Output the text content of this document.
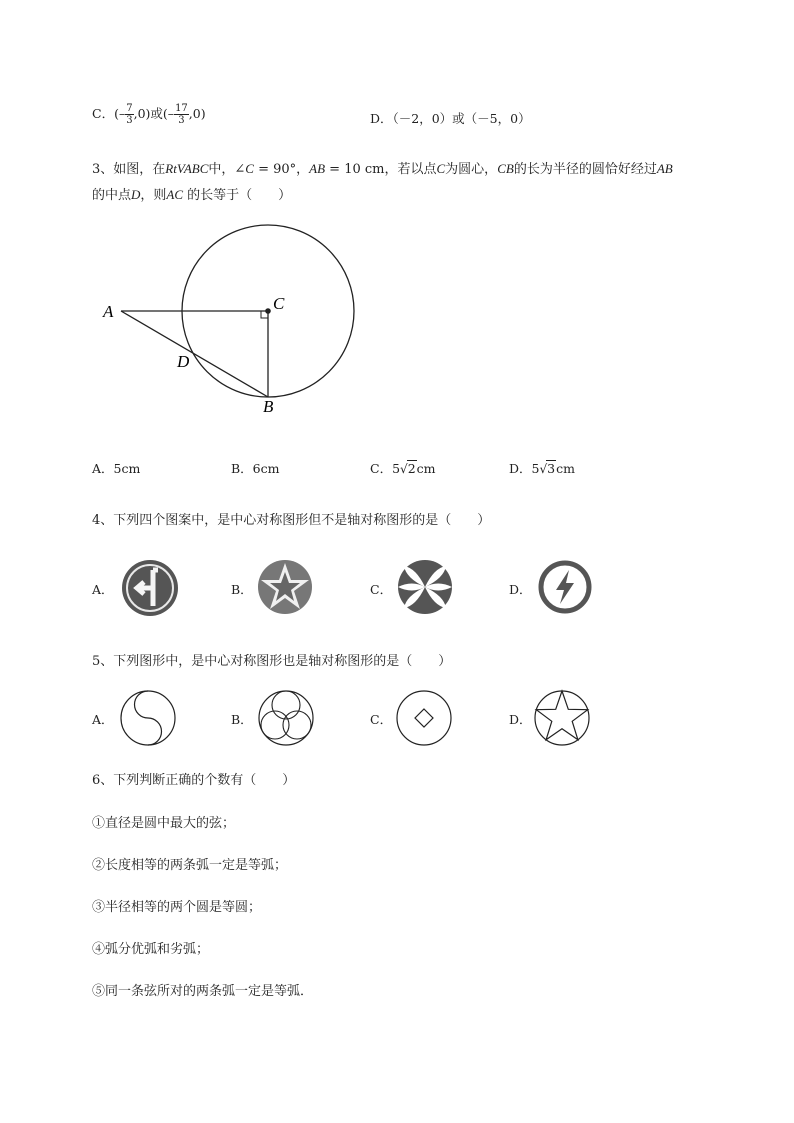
C．(– $\frac{7}{3} ,0$)或(– $\frac{17}{3} ,0$)	D．（－2，0）或（－5，0）
3、如图，在RtVABC中，∠C = 90°，AB = 10 cm，若以点C为圆心，CB的长为半径的圆恰好经过AB
的中点D，则AC 的长等于（　　）
A	C
D
B
A．5cm	B．6cm	C．5√2cm	D．5√3cm
4、下列四个图案中，是中心对称图形但不是轴对称图形的是（　　）
A．	B．	C．	D．
5、下列图形中，是中心对称图形也是轴对称图形的是（　　）
A．	B．	C．	D．
6、下列判断正确的个数有（　　）
①直径是圆中最大的弦；
②长度相等的两条弧一定是等弧；
③半径相等的两个圆是等圆；
④弧分优弧和劣弧；
⑤同一条弦所对的两条弧一定是等弧．
